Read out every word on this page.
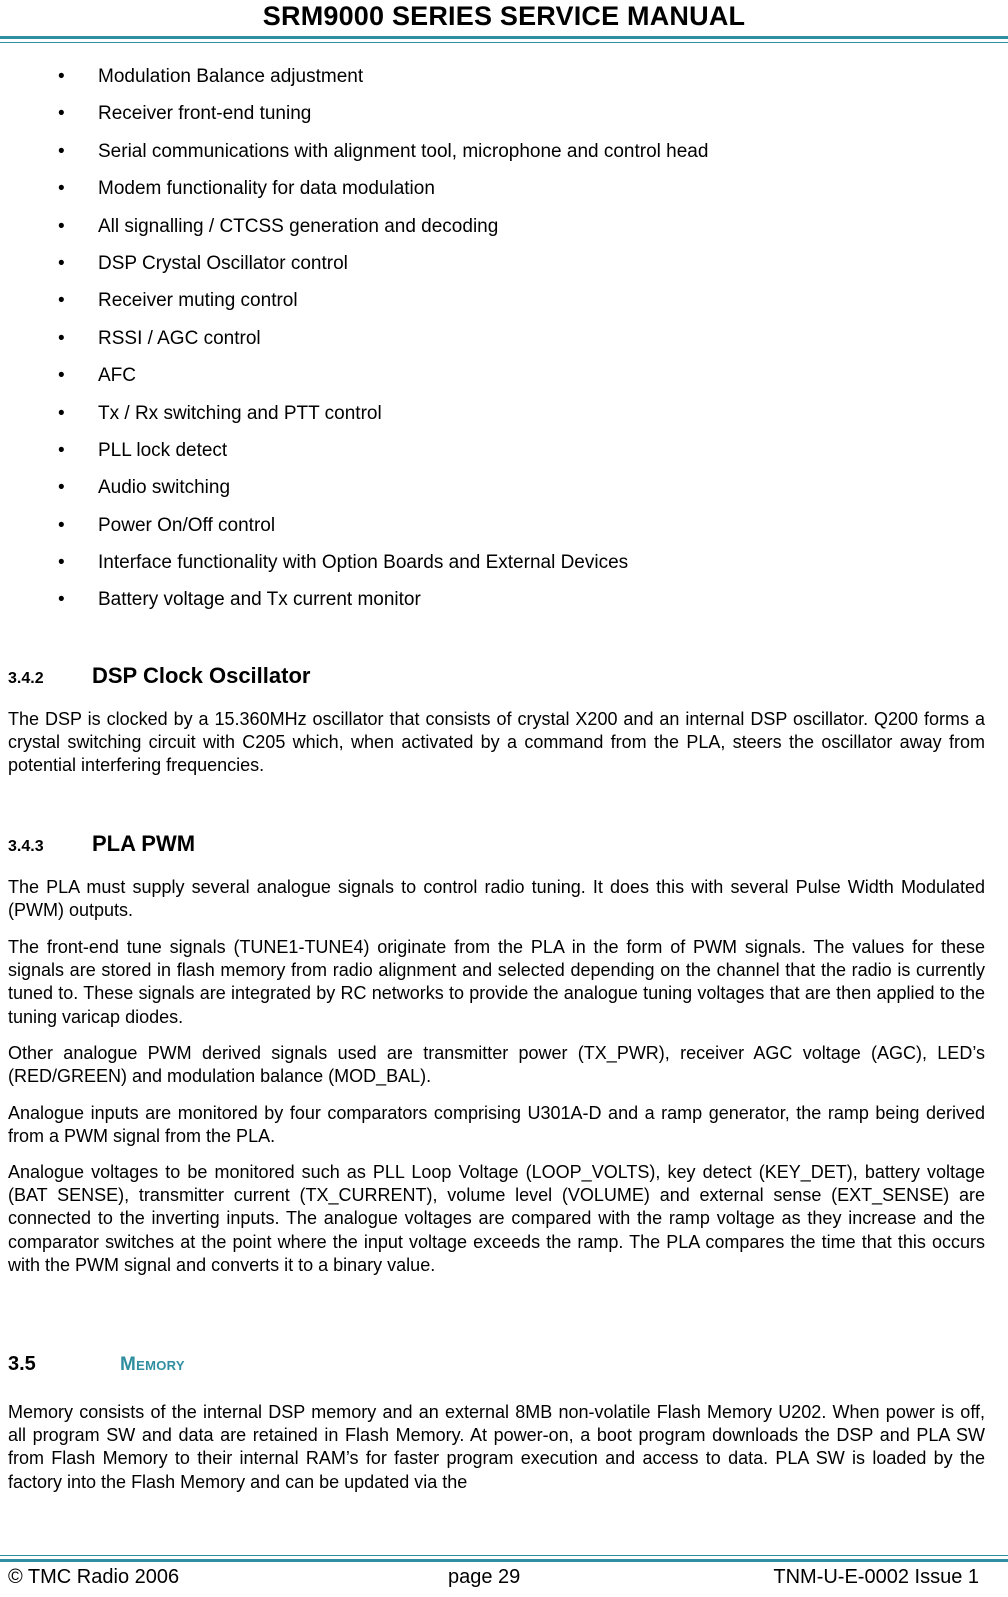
SRM9000 SERIES SERVICE MANUAL
• Modulation Balance adjustment
• Receiver front-end tuning
• Serial communications with alignment tool, microphone and control head
• Modem functionality for data modulation
• All signalling / CTCSS generation and decoding
• DSP Crystal Oscillator control
• Receiver muting control
• RSSI / AGC control
• AFC
• Tx / Rx switching and PTT control
• PLL lock detect
• Audio switching
• Power On/Off control
• Interface functionality with Option Boards and External Devices
• Battery voltage and Tx current monitor
3.4.2 DSP Clock Oscillator

The DSP is clocked by a 15.360MHz oscillator that consists of crystal X200 and an internal DSP oscillator. Q200 forms a crystal switching circuit with C205 which, when activated by a command from the PLA, steers the oscillator away from potential interfering frequencies.

3.4.3 PLA PWM

The PLA must supply several analogue signals to control radio tuning. It does this with several Pulse Width Modulated (PWM) outputs.

The front-end tune signals (TUNE1-TUNE4) originate from the PLA in the form of PWM signals. The values for these signals are stored in flash memory from radio alignment and selected depending on the channel that the radio is currently tuned to. These signals are integrated by RC networks to provide the analogue tuning voltages that are then applied to the tuning varicap diodes.

Other analogue PWM derived signals used are transmitter power (TX_PWR), receiver AGC voltage (AGC), LED’s (RED/GREEN) and modulation balance (MOD_BAL).

Analogue inputs are monitored by four comparators comprising U301A-D and a ramp generator, the ramp being derived from a PWM signal from the PLA.

Analogue voltages to be monitored such as PLL Loop Voltage (LOOP_VOLTS), key detect (KEY_DET), battery voltage (BAT SENSE), transmitter current (TX_CURRENT), volume level (VOLUME) and external sense (EXT_SENSE) are connected to the inverting inputs. The analogue voltages are compared with the ramp voltage as they increase and the comparator switches at the point where the input voltage exceeds the ramp. The PLA compares the time that this occurs with the PWM signal and converts it to a binary value.

3.5	Memory

Memory consists of the internal DSP memory and an external 8MB non-volatile Flash Memory U202. When power is off, all program SW and data are retained in Flash Memory. At power-on, a boot program downloads the DSP and PLA SW from Flash Memory to their internal RAM’s for faster program execution and access to data. PLA SW is loaded by the factory into the Flash Memory and can be updated via the

© TMC Radio 2006	page 29	TNM-U-E-0002 Issue 1
